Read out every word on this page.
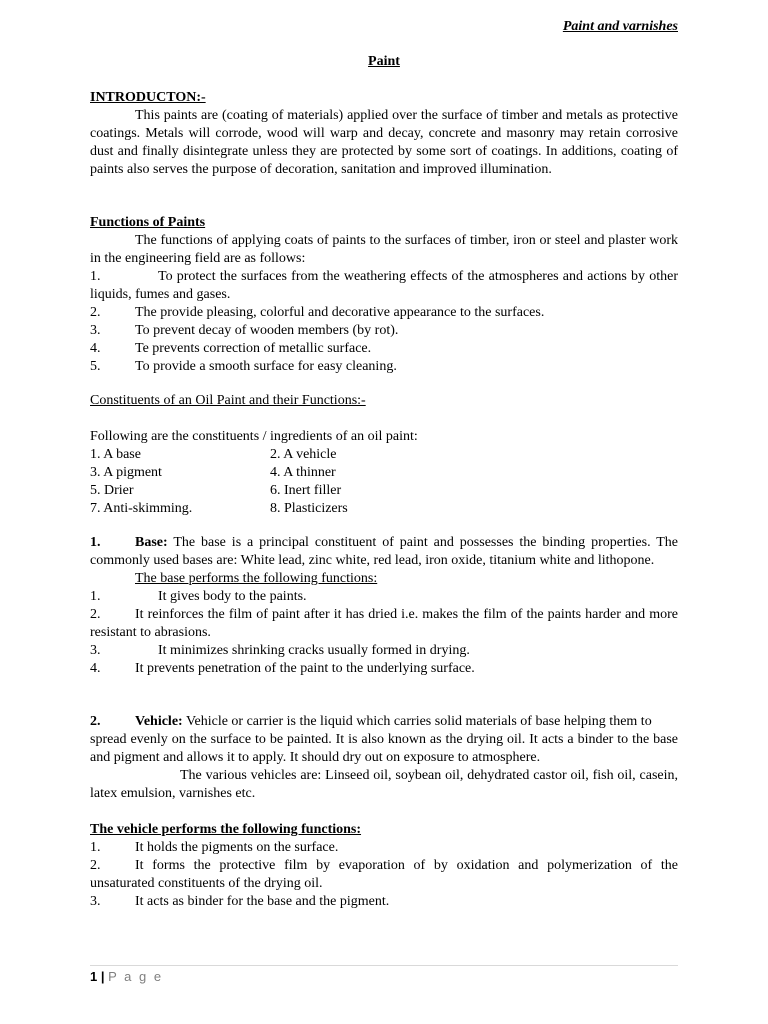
Paint and varnishes
Paint
INTRODUCTON:-
This paints are (coating of materials) applied over the surface of timber and metals as protective coatings. Metals will corrode, wood will warp and decay, concrete and masonry may retain corrosive dust and finally disintegrate unless they are protected by some sort of coatings. In additions, coating of paints also serves the purpose of decoration, sanitation and improved illumination.
Functions of Paints
The functions of applying coats of paints to the surfaces of timber, iron or steel and plaster work in the engineering field are as follows:
1.	To protect the surfaces from the weathering effects of the atmospheres and actions by other liquids, fumes and gases.
2. The provide pleasing, colorful and decorative appearance to the surfaces.
3. To prevent decay of wooden members (by rot).
4. Te prevents correction of metallic surface.
5. To provide a smooth surface for easy cleaning.
Constituents of an Oil Paint and their Functions:-
Following are the constituents / ingredients of an oil paint:
1. A base	2. A vehicle
3. A pigment	4. A thinner
5. Drier	6. Inert filler
7. Anti-skimming.	8. Plasticizers
1. Base: The base is a principal constituent of paint and possesses the binding properties. The commonly used bases are: White lead, zinc white, red lead, iron oxide, titanium white and lithopone.
The base performs the following functions:
1.	It gives body to the paints.
2. It reinforces the film of paint after it has dried i.e. makes the film of the paints harder and more resistant to abrasions.
3.	It minimizes shrinking cracks usually formed in drying.
4. It prevents penetration of the paint to the underlying surface.
2. Vehicle: Vehicle or carrier is the liquid which carries solid materials of base helping them to
spread evenly on the surface to be painted. It is also known as the drying oil. It acts a binder to the base and pigment and allows it to apply. It should dry out on exposure to atmosphere.
The various vehicles are: Linseed oil, soybean oil, dehydrated castor oil, fish oil, casein, latex emulsion, varnishes etc.
The vehicle performs the following functions:
1. It holds the pigments on the surface.
2. It forms the protective film by evaporation of by oxidation and polymerization of the unsaturated constituents of the drying oil.
3. It acts as binder for the base and the pigment.
1 | P a g e
